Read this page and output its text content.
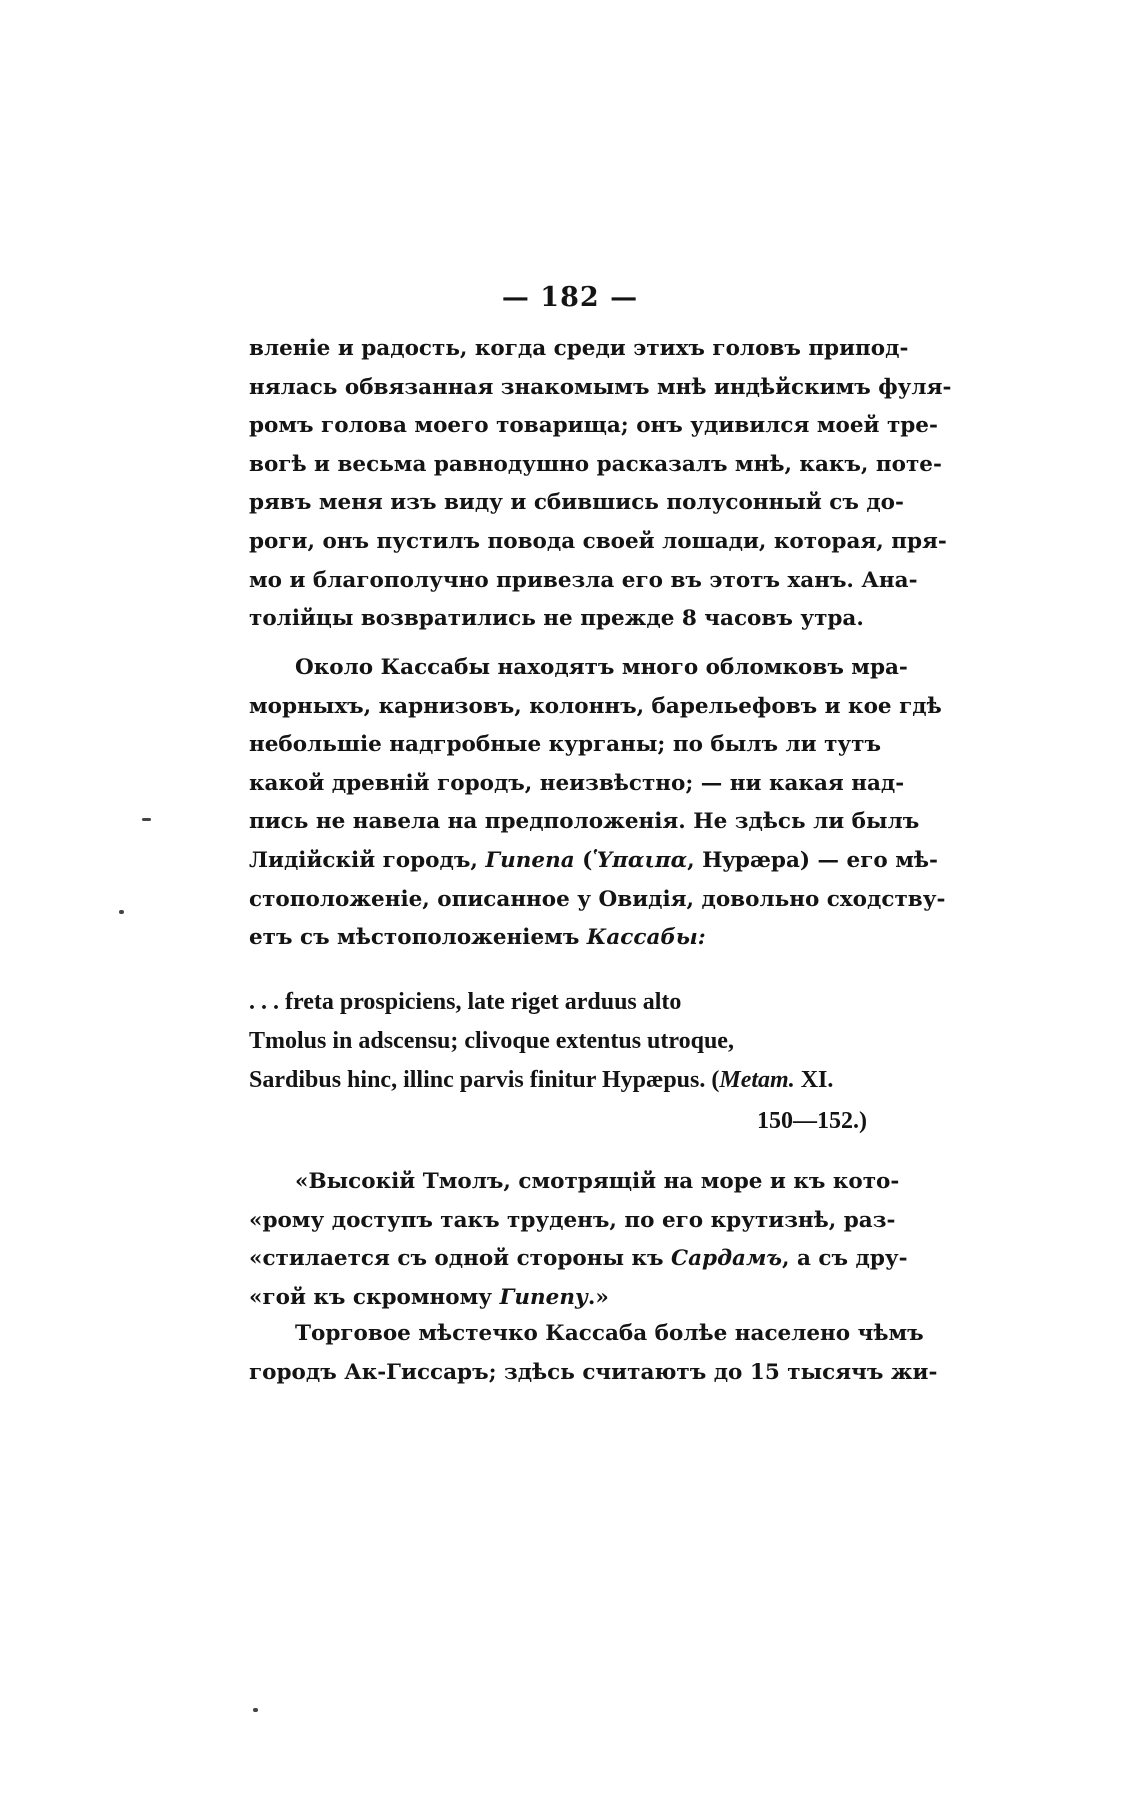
— 182 —
вленіе и радость, когда среди этихъ головъ припод-
нялась обвязанная знакомымъ мнѣ индѣйскимъ фуля-
ромъ голова моего товарища; онъ удивился моей тре-
вогѣ и весьма равнодушно расказалъ мнѣ, какъ, поте-
рявъ меня изъ виду и сбившись полусонный съ до-
роги, онъ пустилъ повода своей лошади, которая, пря-
мо и благополучно привезла его въ этотъ ханъ. Ана-
толійцы возвратились не прежде 8 часовъ утра.
Около Кассабы находятъ много обломковъ мра-
морныхъ, карнизовъ, колоннъ, барельефовъ и кое гдѣ
небольшіе надгробные курганы; по былъ ли тутъ
какой древній городъ, неизвѣстно; — ни какая над-
пись не навела на предположенія. Не здѣсь ли былъ
Лидійскій городъ, Гипепа (Ὑπαιπα, Hypæpa) — его мѣ-
стоположеніе, описанное у Овидія, довольно сходству-
етъ съ мѣстоположеніемъ Кассабы:
. . . freta prospiciens, late riget arduus alto
Tmolus in adscensu; clivoque extentus utroque,
Sardibus hinc, illinc parvis finitur Hypæpus. (Metam. XI.
150—152.)
«Высокій Тмолъ, смотрящій на море и къ кото-
«рому доступъ такъ труденъ, по его крутизнѣ, раз-
«стилается съ одной стороны къ Сардамъ, а съ дру-
«гой къ скромному Гипепу.»
Торговое мѣстечко Кассаба болѣе населено чѣмъ
городъ Ак-Гиссаръ; здѣсь считаютъ до 15 тысячъ жи-
